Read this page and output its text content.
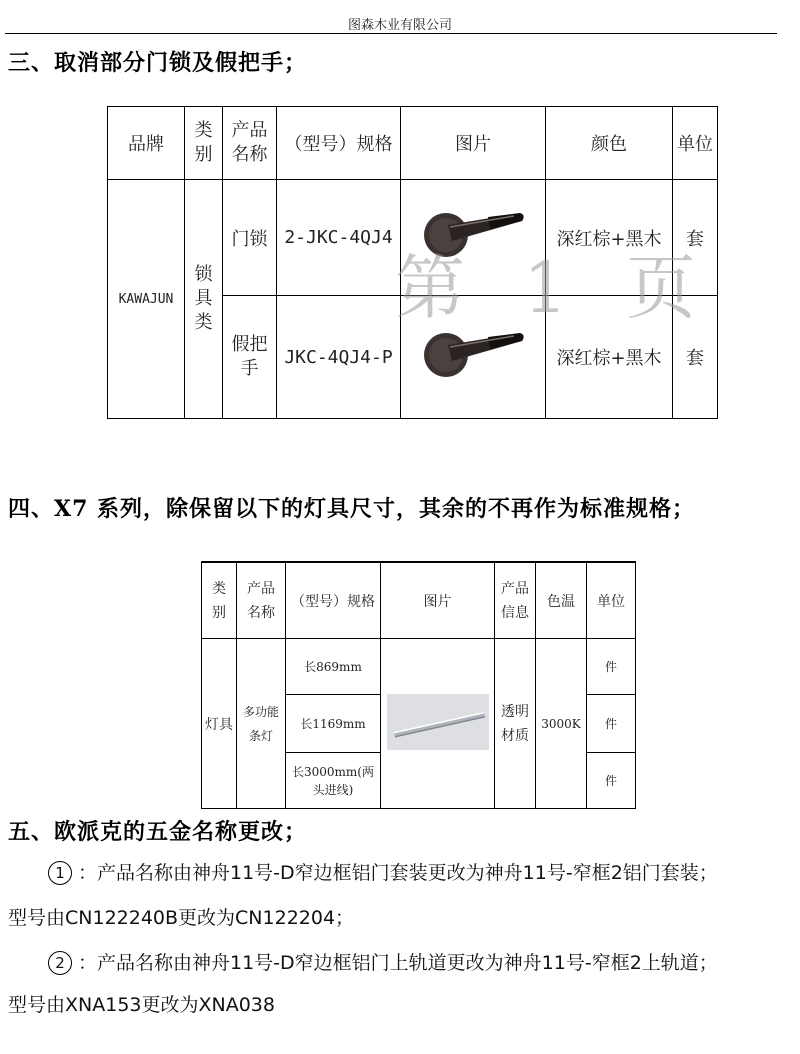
图森木业有限公司
三、取消部分门锁及假把手；
品牌	类别	产品名称	（型号）规格	图片	颜色	单位
KAWAJUN	锁具类	门锁	2-JKC-4QJ4		深红棕+黑木	套
		假把手	JKC-4QJ4-P		深红棕+黑木	套
第 1 页
四、X7 系列，除保留以下的灯具尺寸，其余的不再作为标准规格；
类别	产品名称	（型号）规格	图片	产品信息	色温	单位
灯具	多功能条灯	长869mm		透明材质	3000K	件
		长1169mm				件
		长3000mm(两头进线)				件
五、欧派克的五金名称更改；
1 ：产品名称由神舟11号-D窄边框铝门套装更改为神舟11号-窄框2铝门套装；
型号由CN122240B更改为CN122204；
2 ：产品名称由神舟11号-D窄边框铝门上轨道更改为神舟11号-窄框2上轨道；
型号由XNA153更改为XNA038
